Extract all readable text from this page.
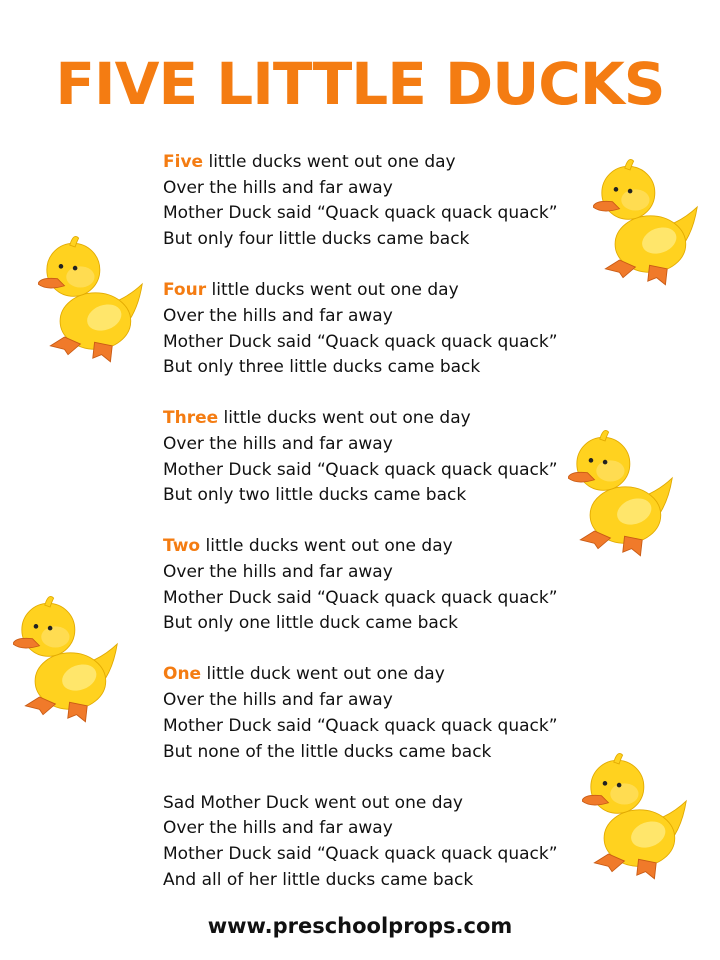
FIVE LITTLE DUCKS
Five little ducks went out one day
Over the hills and far away
Mother Duck said “Quack quack quack quack”
But only four little ducks came back
Four little ducks went out one day
Over the hills and far away
Mother Duck said “Quack quack quack quack”
But only three little ducks came back
Three little ducks went out one day
Over the hills and far away
Mother Duck said “Quack quack quack quack”
But only two little ducks came back
Two little ducks went out one day
Over the hills and far away
Mother Duck said “Quack quack quack quack”
But only one little duck came back
One little duck went out one day
Over the hills and far away
Mother Duck said “Quack quack quack quack”
But none of the little ducks came back
Sad Mother Duck went out one day
Over the hills and far away
Mother Duck said “Quack quack quack quack”
And all of her little ducks came back

www.preschoolprops.com
